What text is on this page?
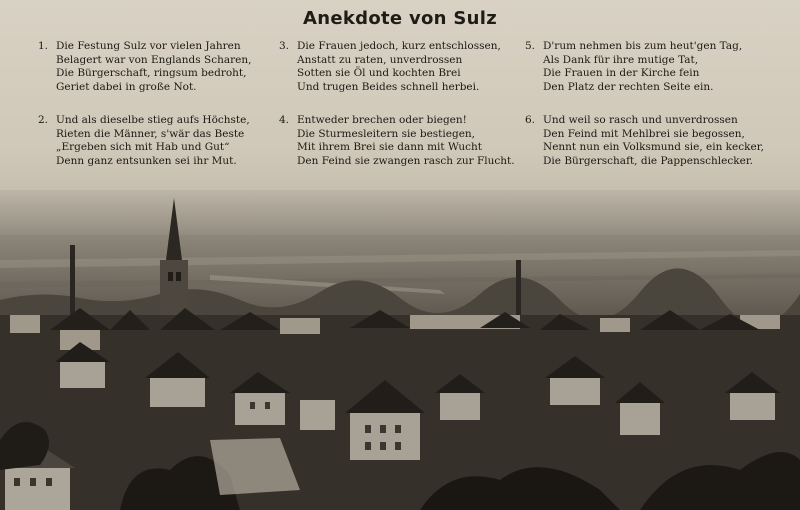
Anekdote von Sulz
1. Die Festung Sulz vor vielen Jahren
Belagert war von Englands Scharen,
Die Bürgerschaft, ringsum bedroht,
Geriet dabei in große Not.
2. Und als dieselbe stieg aufs Höchste,
Rieten die Männer, s'wär das Beste
„Ergeben sich mit Hab und Gut“
Denn ganz entsunken sei ihr Mut.
3. Die Frauen jedoch, kurz entschlossen,
Anstatt zu raten, unverdrossen
Sotten sie Öl und kochten Brei
Und trugen Beides schnell herbei.
4. Entweder brechen oder biegen!
Die Sturmesleitern sie bestiegen,
Mit ihrem Brei sie dann mit Wucht
Den Feind sie zwangen rasch zur Flucht.
5. D'rum nehmen bis zum heut'gen Tag,
Als Dank für ihre mutige Tat,
Die Frauen in der Kirche fein
Den Platz der rechten Seite ein.
6. Und weil so rasch und unverdrossen
Den Feind mit Mehlbrei sie begossen,
Nennt nun ein Volksmund sie, ein kecker,
Die Bürgerschaft, die Pappenschlecker.
